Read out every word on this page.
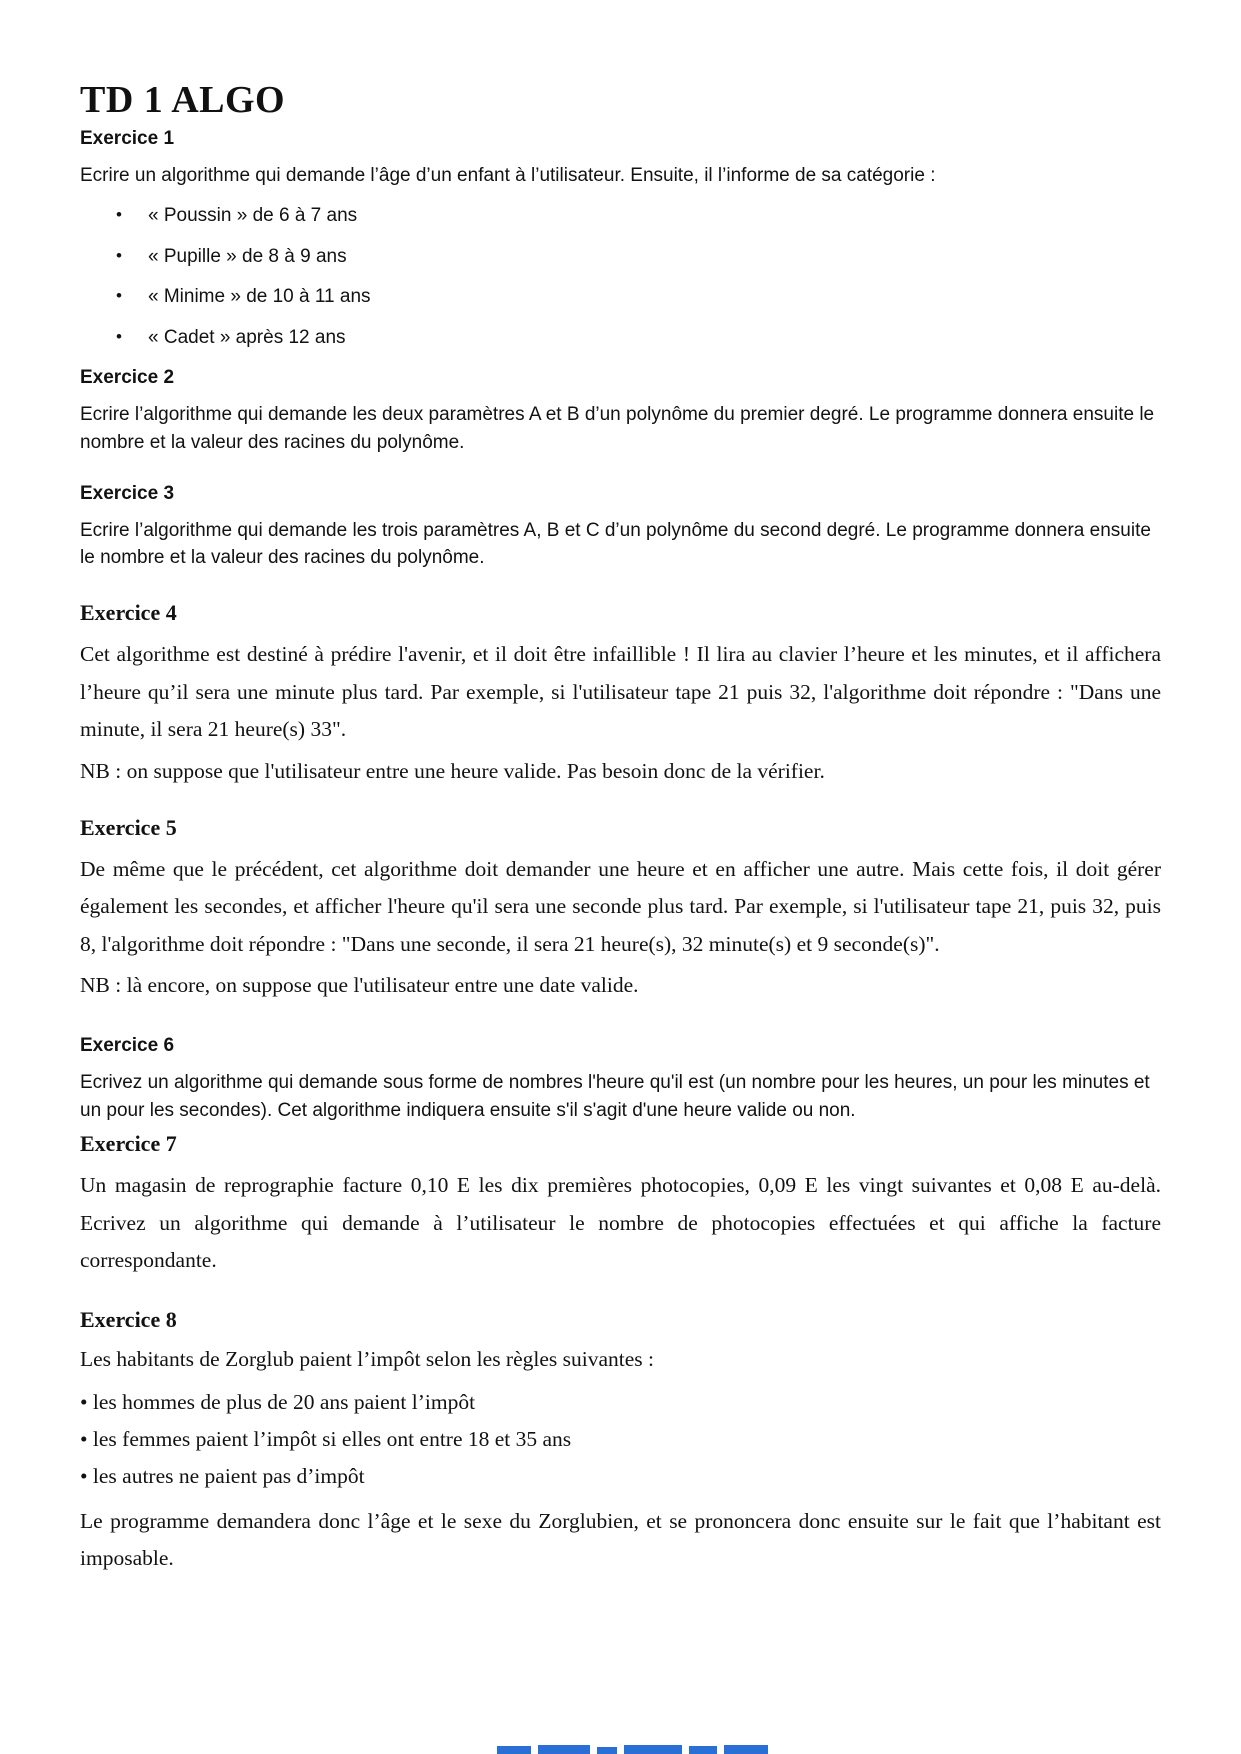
TD 1 ALGO
Exercice 1

Ecrire un algorithme qui demande l’âge d’un enfant à l’utilisateur. Ensuite, il l’informe de sa catégorie :

• « Poussin » de 6 à 7 ans
• « Pupille » de 8 à 9 ans
• « Minime » de 10 à 11 ans
• « Cadet » après 12 ans
Exercice 2

Ecrire l’algorithme qui demande les deux paramètres A et B d’un polynôme du premier degré. Le programme donnera ensuite le nombre et la valeur des racines du polynôme.

Exercice 3

Ecrire l’algorithme qui demande les trois paramètres A, B et C d’un polynôme du second degré. Le programme donnera ensuite le nombre et la valeur des racines du polynôme.

Exercice 4

Cet algorithme est destiné à prédire l'avenir, et il doit être infaillible ! Il lira au clavier l’heure et les minutes, et il affichera l’heure qu’il sera une minute plus tard. Par exemple, si l'utilisateur tape 21 puis 32, l'algorithme doit répondre : "Dans une minute, il sera 21 heure(s) 33".

NB : on suppose que l'utilisateur entre une heure valide. Pas besoin donc de la vérifier.

Exercice 5

De même que le précédent, cet algorithme doit demander une heure et en afficher une autre. Mais cette fois, il doit gérer également les secondes, et afficher l'heure qu'il sera une seconde plus tard. Par exemple, si l'utilisateur tape 21, puis 32, puis 8, l'algorithme doit répondre : "Dans une seconde, il sera 21 heure(s), 32 minute(s) et 9 seconde(s)".

NB : là encore, on suppose que l'utilisateur entre une date valide.

Exercice 6

Ecrivez un algorithme qui demande sous forme de nombres l'heure qu'il est (un nombre pour les heures, un pour les minutes et un pour les secondes). Cet algorithme indiquera ensuite s'il s'agit d'une heure valide ou non.

Exercice 7

Un magasin de reprographie facture 0,10 E les dix premières photocopies, 0,09 E les vingt suivantes et 0,08 E au-delà. Ecrivez un algorithme qui demande à l’utilisateur le nombre de photocopies effectuées et qui affiche la facture correspondante.

Exercice 8

Les habitants de Zorglub paient l’impôt selon les règles suivantes :

• les hommes de plus de 20 ans paient l’impôt
• les femmes paient l’impôt si elles ont entre 18 et 35 ans
• les autres ne paient pas d’impôt

Le programme demandera donc l’âge et le sexe du Zorglubien, et se prononcera donc ensuite sur le fait que l’habitant est imposable.
